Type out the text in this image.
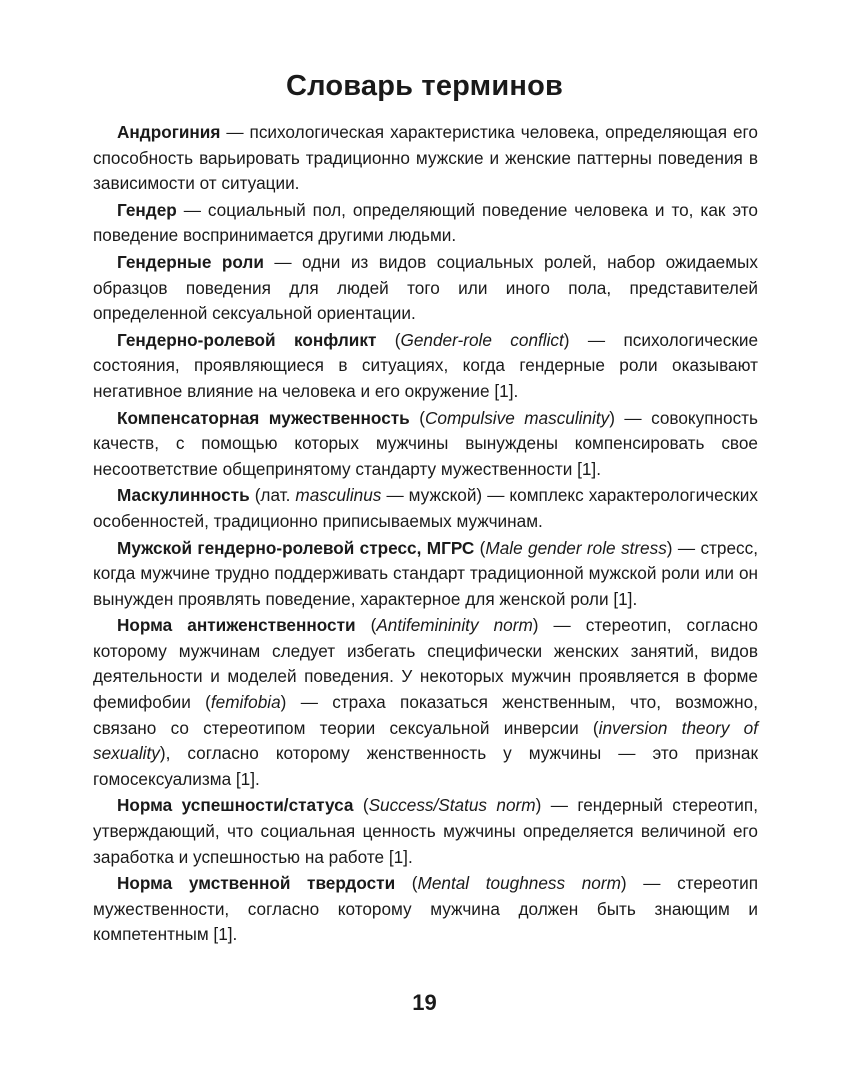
Словарь терминов

Андрогиния — психологическая характеристика человека, определяющая его способность варьировать традиционно мужские и женские паттерны поведения в зависимости от ситуации.

Гендер — социальный пол, определяющий поведение человека и то, как это поведение воспринимается другими людьми.

Гендерные роли — одни из видов социальных ролей, набор ожидаемых образцов поведения для людей того или иного пола, представителей определенной сексуальной ориентации.

Гендерно-ролевой конфликт (Gender-role conflict) — психологические состояния, проявляющиеся в ситуациях, когда гендерные роли оказывают негативное влияние на человека и его окружение [1].

Компенсаторная мужественность (Compulsive masculinity) — совокупность качеств, с помощью которых мужчины вынуждены компенсировать свое несоответствие общепринятому стандарту мужественности [1].

Маскулинность (лат. masculinus — мужской) — комплекс характерологических особенностей, традиционно приписываемых мужчинам.

Мужской гендерно-ролевой стресс, МГРС (Male gender role stress) — стресс, когда мужчине трудно поддерживать стандарт традиционной мужской роли или он вынужден проявлять поведение, характерное для женской роли [1].

Норма антиженственности (Antifemininity norm) — стереотип, согласно которому мужчинам следует избегать специфически женских занятий, видов деятельности и моделей поведения. У некоторых мужчин проявляется в форме фемифобии (femifobia) — страха показаться женственным, что, возможно, связано со стереотипом теории сексуальной инверсии (inversion theory of sexuality), согласно которому женственность у мужчины — это признак гомосексуализма [1].

Норма успешности/статуса (Success/Status norm) — гендерный стереотип, утверждающий, что социальная ценность мужчины определяется величиной его заработка и успешностью на работе [1].

Норма умственной твердости (Mental toughness norm) — стереотип мужественности, согласно которому мужчина должен быть знающим и компетентным [1].

19
